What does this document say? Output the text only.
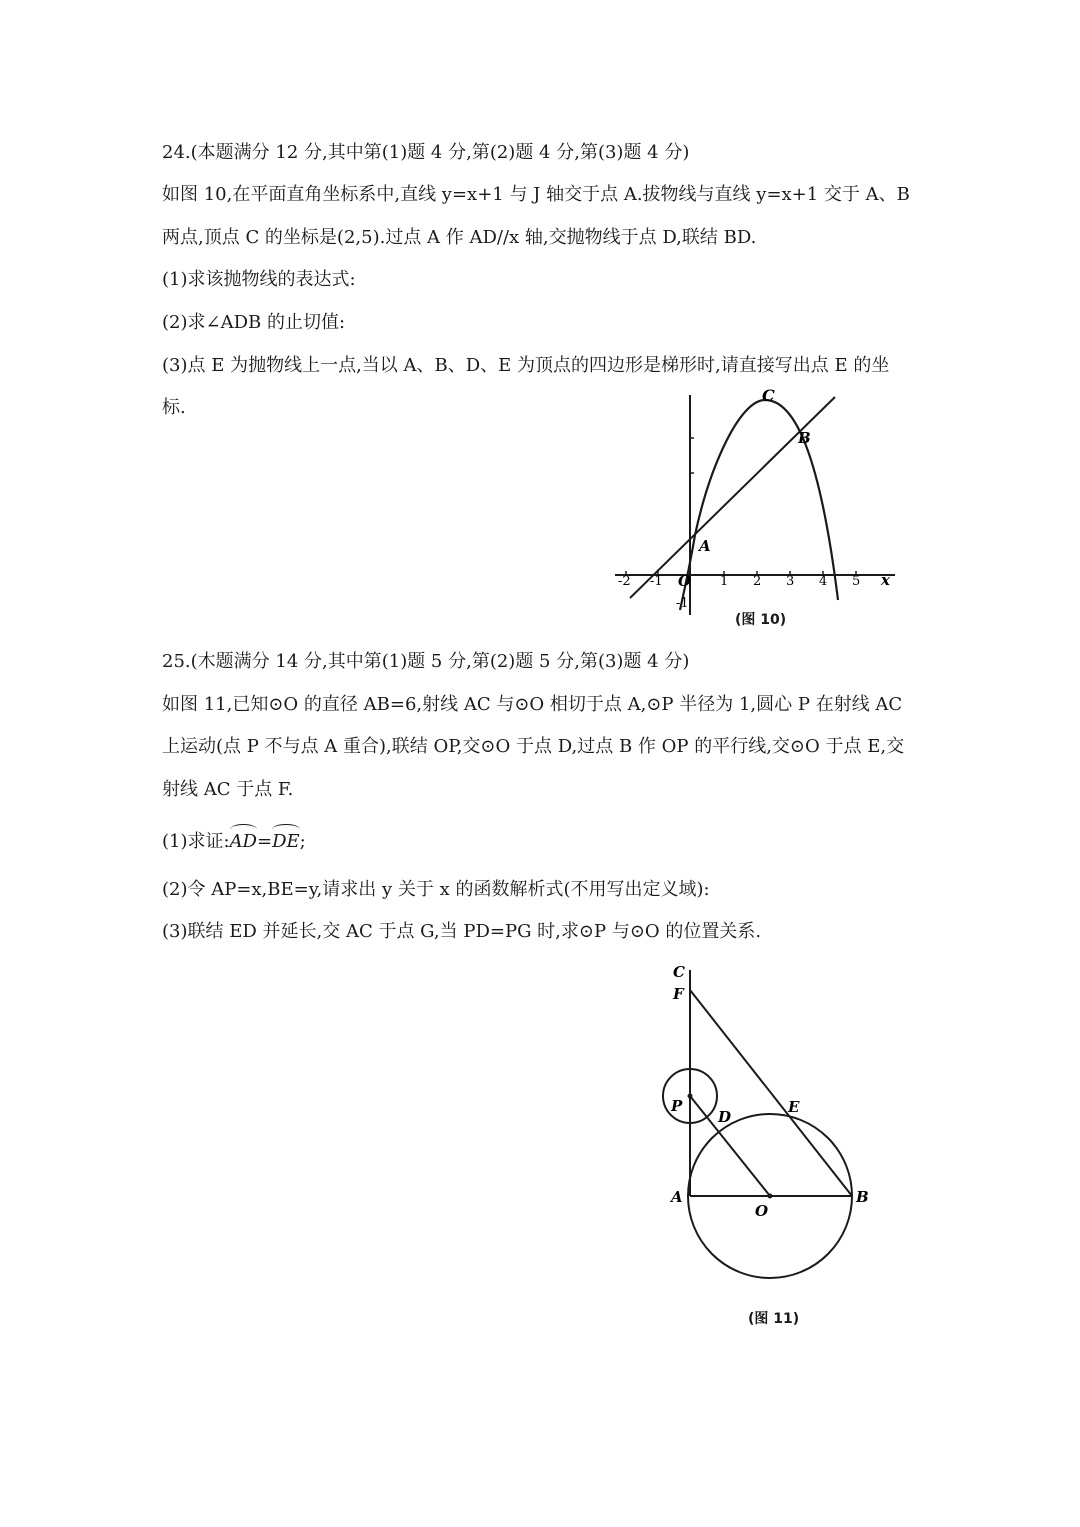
24.(本题满分 12 分,其中第(1)题 4 分,第(2)题 4 分,第(3)题 4 分)
如图 10,在平面直角坐标系中,直线 y=x+1 与 J 轴交于点 A.拔物线与直线 y=x+1 交于 A、B
两点,顶点 C 的坐标是(2,5).过点 A 作 AD//x 轴,交抛物线于点 D,联结 BD.
(1)求该抛物线的表达式:
(2)求∠ADB 的止切值:
(3)点 E 为抛物线上一点,当以 A、B、D、E 为顶点的四边形是梯形时,请直接写出点 E 的坐
标.
C
B
A
O	x
-1
-2 -1	1 2 3 4 5
(图 10)
25.(木题满分 14 分,其中第(1)题 5 分,第(2)题 5 分,第(3)题 4 分)
如图 11,已知⊙O 的直径 AB=6,射线 AC 与⊙O 相切于点 A,⊙P 半径为 1,圆心 P 在射线 AC
上运动(点 P 不与点 A 重合),联结 OP,交⊙O 于点 D,过点 B 作 OP 的平行线,交⊙O 于点 E,交
射线 AC 于点 F.
(1)求证:AD=DE;
(2)令 AP=x,BE=y,请求出 y 关于 x 的函数解析式(不用写出定义域):
(3)联结 ED 并延长,交 AC 于点 G,当 PD=PG 时,求⊙P 与⊙O 的位置关系.
C
F
P
D
E
A
O
B
(图 11)
